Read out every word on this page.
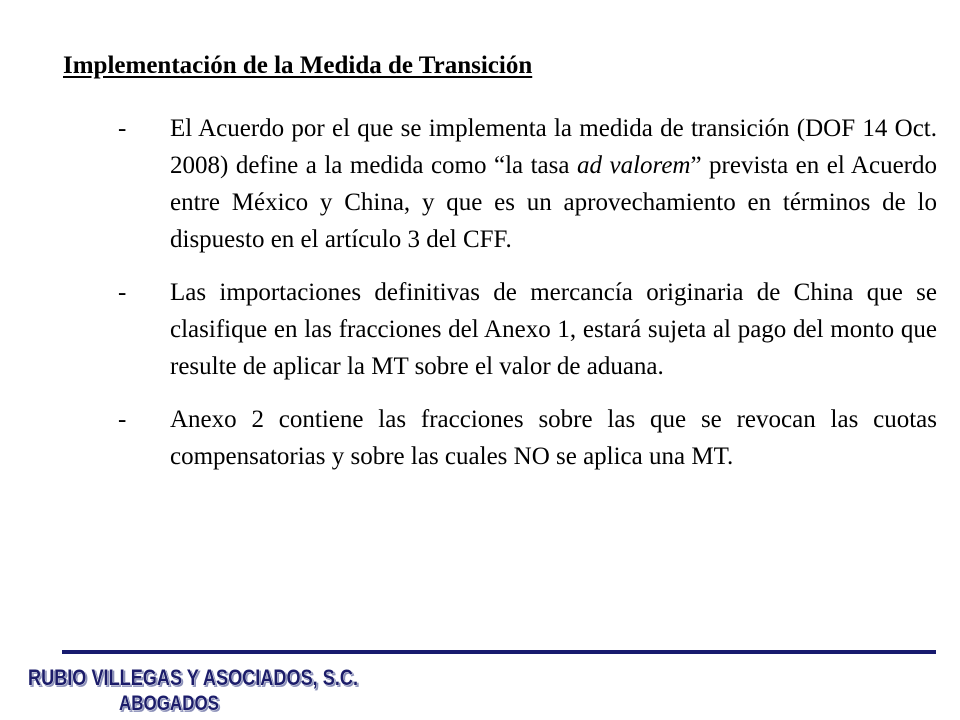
Implementación de la Medida de Transición
-	El Acuerdo por el que se implementa la medida de transición (DOF 14 Oct. 2008) define a la medida como “la tasa ad valorem” prevista en el Acuerdo entre México y China, y que es un aprovechamiento en términos de lo dispuesto en el artículo 3 del CFF.

-	Las importaciones definitivas de mercancía originaria de China que se clasifique en las fracciones del Anexo 1, estará sujeta al pago del monto que resulte de aplicar la MT sobre el valor de aduana.

-	Anexo 2 contiene las fracciones sobre las que se revocan las cuotas compensatorias y sobre las cuales NO se aplica una MT.

RUBIO VILLEGAS Y ASOCIADOS, S.C.
ABOGADOS
